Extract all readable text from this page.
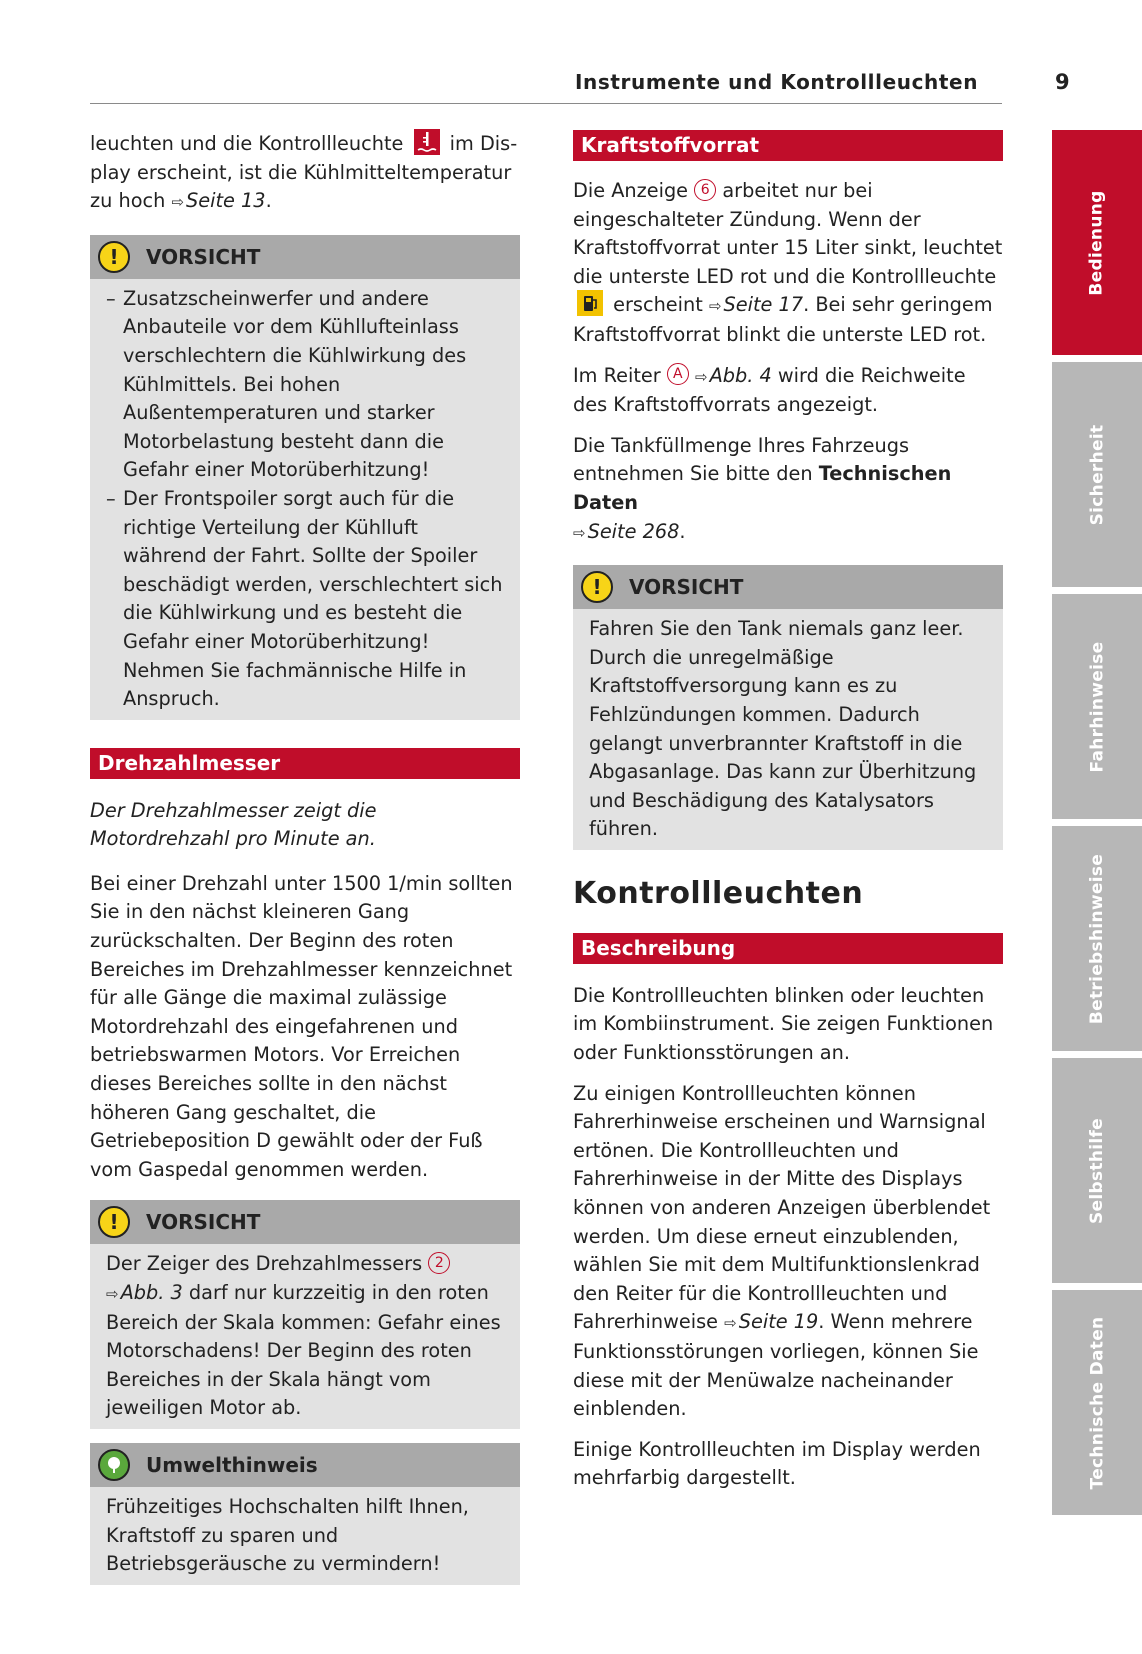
Instrumente und Kontrollleuchten	9

leuchten und die Kontrollleuchte im Dis-
play erscheint, ist die Kühlmitteltemperatur
zu hoch ⇨ Seite 13.

!	VORSICHT
– Zusatzscheinwerfer und andere Anbauteile vor dem Kühllufteinlass verschlechtern die Kühlwirkung des Kühlmittels. Bei hohen Außentemperaturen und starker Motorbelastung besteht dann die Gefahr einer Motorüberhitzung!
– Der Frontspoiler sorgt auch für die richtige Verteilung der Kühlluft während der Fahrt. Sollte der Spoiler beschädigt werden, verschlechtert sich die Kühlwirkung und es besteht die Gefahr einer Motorüberhitzung! Nehmen Sie fachmännische Hilfe in Anspruch.
Drehzahlmesser

Der Drehzahlmesser zeigt die Motordrehzahl pro Minute an.

Bei einer Drehzahl unter 1500 1/min sollten Sie in den nächst kleineren Gang zurückschalten. Der Beginn des roten Bereiches im Drehzahlmesser kennzeichnet für alle Gänge die maximal zulässige Motordrehzahl des eingefahrenen und betriebswarmen Motors. Vor Erreichen dieses Bereiches sollte in den nächst höheren Gang geschaltet, die Getriebeposition D gewählt oder der Fuß vom Gaspedal genommen werden.

!	VORSICHT

Der Zeiger des Drehzahlmessers 2
⇨ Abb. 3 darf nur kurzzeitig in den roten Bereich der Skala kommen: Gefahr eines Motorschadens! Der Beginn des roten Bereiches in der Skala hängt vom jeweiligen Motor ab.

Umwelthinweis

Frühzeitiges Hochschalten hilft Ihnen, Kraftstoff zu sparen und Betriebsgeräusche zu vermindern!

Kraftstoffvorrat

Die Anzeige 6 arbeitet nur bei eingeschalteter Zündung. Wenn der Kraftstoffvorrat unter 15 Liter sinkt, leuchtet die unterste LED rot und die Kontrollleuchte  erscheint ⇨ Seite 17. Bei sehr geringem Kraftstoffvorrat blinkt die unterste LED rot.

Im Reiter A ⇨ Abb. 4 wird die Reichweite des Kraftstoffvorrats angezeigt.

Die Tankfüllmenge Ihres Fahrzeugs entnehmen Sie bitte den Technischen Daten
⇨ Seite 268.

!	VORSICHT

Fahren Sie den Tank niemals ganz leer. Durch die unregelmäßige Kraftstoffversorgung kann es zu Fehlzündungen kommen. Dadurch gelangt unverbrannter Kraftstoff in die Abgasanlage. Das kann zur Überhitzung und Beschädigung des Katalysators führen.

Kontrollleuchten
Beschreibung

Die Kontrollleuchten blinken oder leuchten im Kombiinstrument. Sie zeigen Funktionen oder Funktionsstörungen an.

Zu einigen Kontrollleuchten können Fahrerhinweise erscheinen und Warnsignal ertönen. Die Kontrollleuchten und Fahrerhinweise in der Mitte des Displays können von anderen Anzeigen überblendet werden. Um diese erneut einzublenden, wählen Sie mit dem Multifunktionslenkrad den Reiter für die Kontrollleuchten und Fahrerhinweise ⇨ Seite 19. Wenn mehrere Funktionsstörungen vorliegen, können Sie diese mit der Menüwalze nacheinander einblenden.

Einige Kontrollleuchten im Display werden mehrfarbig dargestellt.

Bedienung
Sicherheit
Fahrhinweise
Betriebshinweise
Selbsthilfe
Technische Daten
